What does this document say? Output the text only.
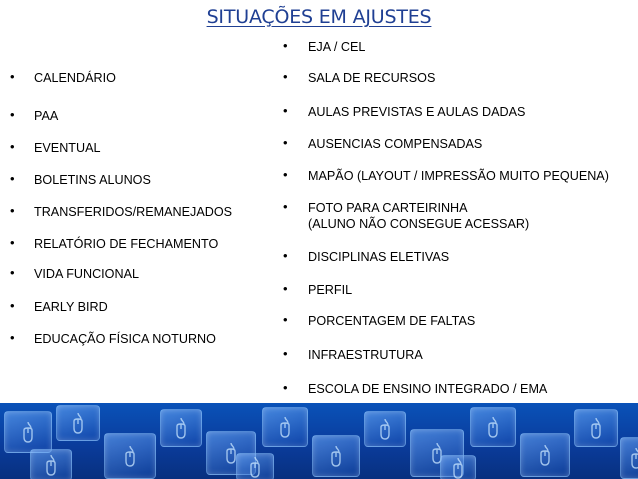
SITUAÇÕES EM AJUSTES
• CALENDÁRIO
• PAA
• EVENTUAL
• BOLETINS ALUNOS
• TRANSFERIDOS/REMANEJADOS
• RELATÓRIO DE FECHAMENTO
• VIDA FUNCIONAL
• EARLY BIRD
• EDUCAÇÃO FÍSICA NOTURNO
• EJA / CEL
• SALA DE RECURSOS
• AULAS PREVISTAS E AULAS DADAS
• AUSENCIAS COMPENSADAS
• MAPÃO (LAYOUT / IMPRESSÃO MUITO PEQUENA)
• FOTO PARA CARTEIRINHA
(ALUNO NÃO CONSEGUE ACESSAR)
• DISCIPLINAS ELETIVAS
• PERFIL
• PORCENTAGEM DE FALTAS
• INFRAESTRUTURA
• ESCOLA DE ENSINO INTEGRADO / EMA
